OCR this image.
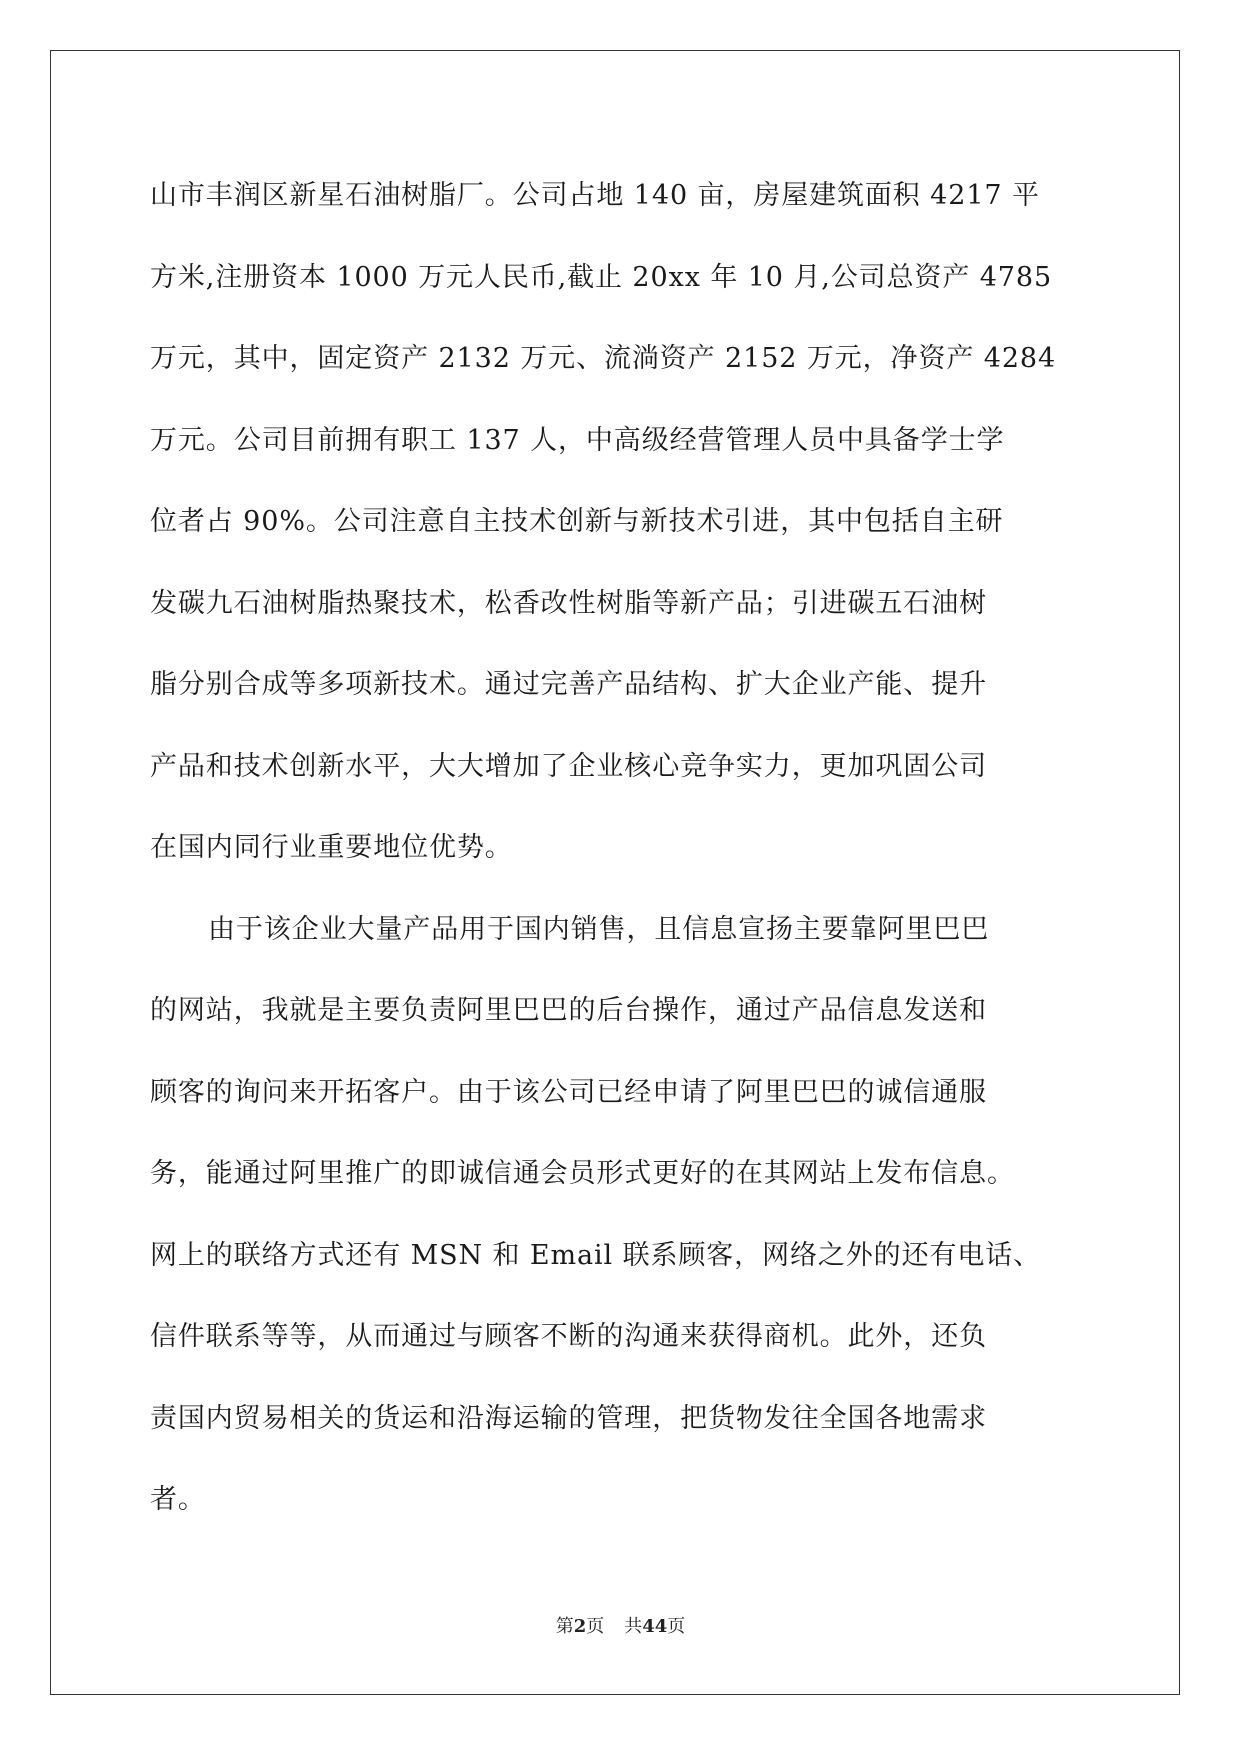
山市丰润区新星石油树脂厂。公司占地 140 亩，房屋建筑面积 4217 平
方米,注册资本 1000 万元人民币,截止 20xx 年 10 月,公司总资产 4785
万元，其中，固定资产 2132 万元、流淌资产 2152 万元，净资产 4284
万元。公司目前拥有职工 137 人，中高级经营管理人员中具备学士学
位者占 90%。公司注意自主技术创新与新技术引进，其中包括自主研
发碳九石油树脂热聚技术，松香改性树脂等新产品；引进碳五石油树
脂分别合成等多项新技术。通过完善产品结构、扩大企业产能、提升
产品和技术创新水平，大大增加了企业核心竞争实力，更加巩固公司
在国内同行业重要地位优势。
由于该企业大量产品用于国内销售，且信息宣扬主要靠阿里巴巴
的网站，我就是主要负责阿里巴巴的后台操作，通过产品信息发送和
顾客的询问来开拓客户。由于该公司已经申请了阿里巴巴的诚信通服
务，能通过阿里推广的即诚信通会员形式更好的在其网站上发布信息。
网上的联络方式还有 MSN 和 Email 联系顾客，网络之外的还有电话、
信件联系等等，从而通过与顾客不断的沟通来获得商机。此外，还负
责国内贸易相关的货运和沿海运输的管理，把货物发往全国各地需求
者。
第2页 共44页
